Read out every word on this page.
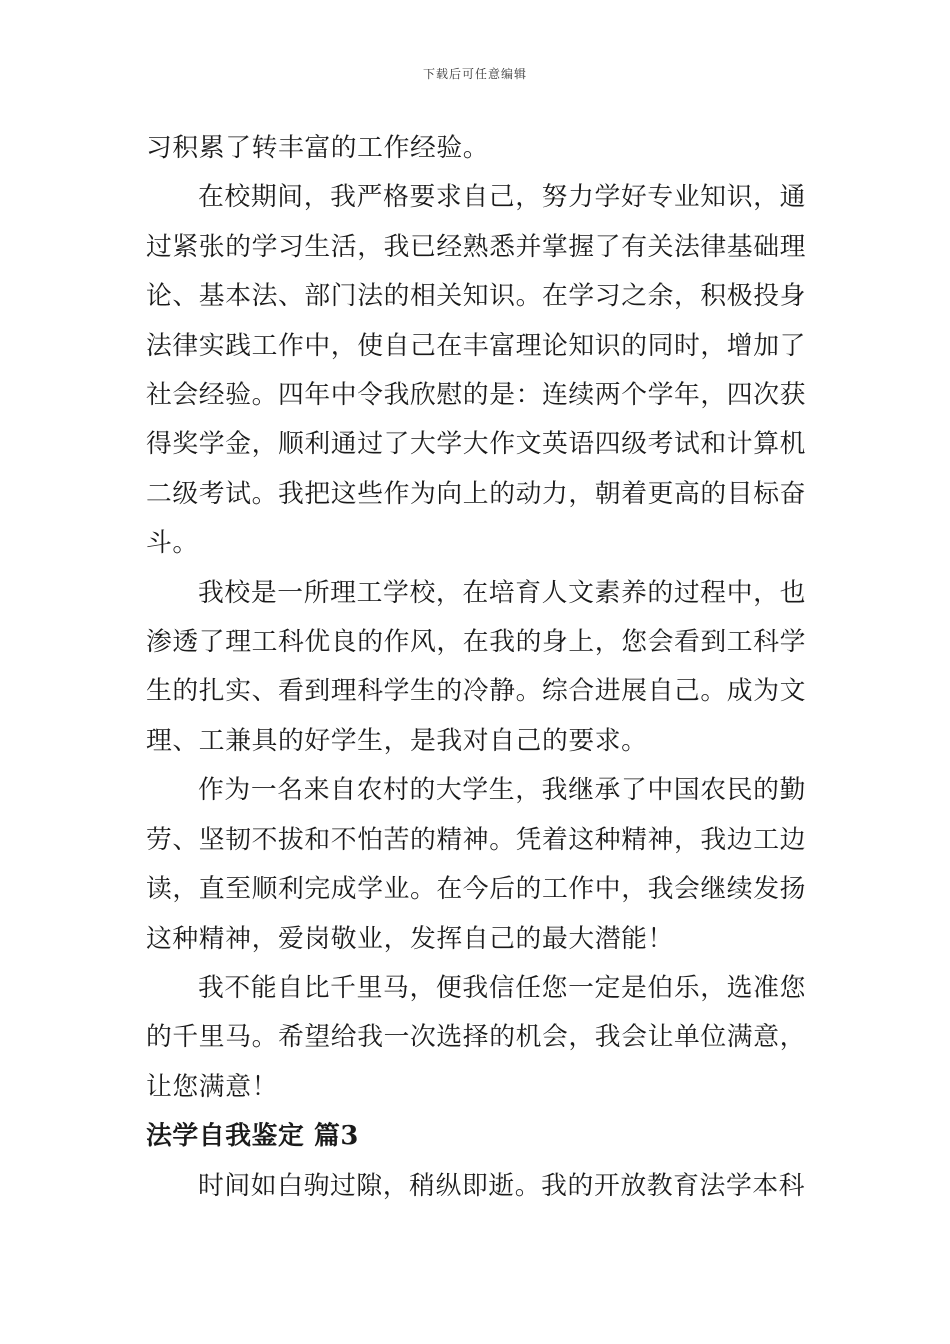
下载后可任意编辑

习积累了转丰富的工作经验。

在校期间，我严格要求自己，努力学好专业知识，通过紧张的学习生活，我已经熟悉并掌握了有关法律基础理论、基本法、部门法的相关知识。在学习之余，积极投身法律实践工作中，使自己在丰富理论知识的同时，增加了社会经验。四年中令我欣慰的是：连续两个学年，四次获得奖学金，顺利通过了大学大作文英语四级考试和计算机二级考试。我把这些作为向上的动力，朝着更高的目标奋斗。

我校是一所理工学校，在培育人文素养的过程中，也渗透了理工科优良的作风，在我的身上，您会看到工科学生的扎实、看到理科学生的冷静。综合进展自己。成为文理、工兼具的好学生，是我对自己的要求。

作为一名来自农村的大学生，我继承了中国农民的勤劳、坚韧不拔和不怕苦的精神。凭着这种精神，我边工边读，直至顺利完成学业。在今后的工作中，我会继续发扬这种精神，爱岗敬业，发挥自己的最大潜能！

我不能自比千里马，便我信任您一定是伯乐，选准您的千里马。希望给我一次选择的机会，我会让单位满意，让您满意！

法学自我鉴定 篇3

时间如白驹过隙，稍纵即逝。我的开放教育法学本科
